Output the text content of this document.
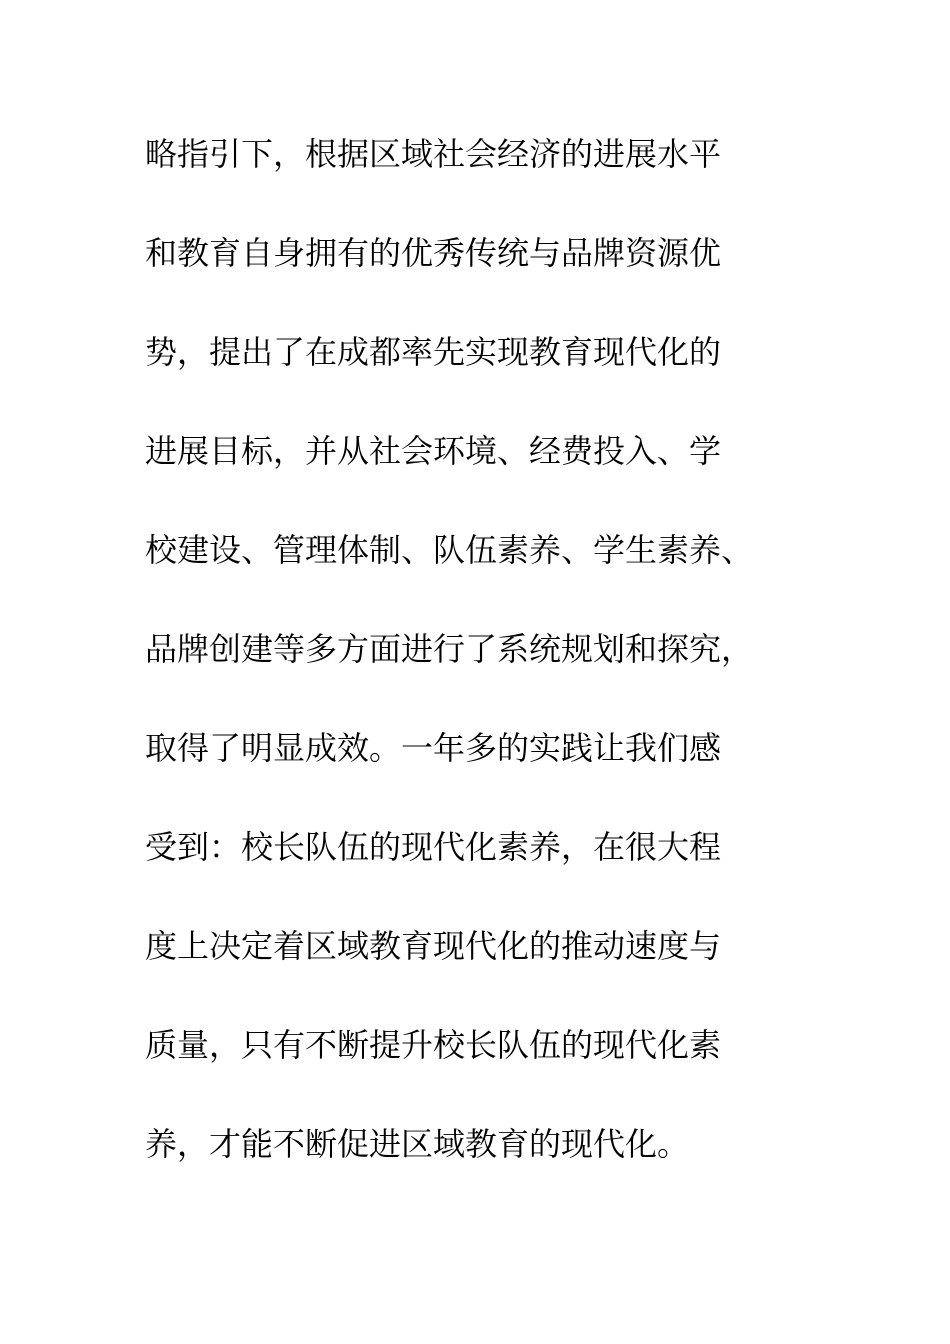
略指引下，根据区域社会经济的进展水平
和教育自身拥有的优秀传统与品牌资源优
势，提出了在成都率先实现教育现代化的
进展目标，并从社会环境、经费投入、学
校建设、管理体制、队伍素养、学生素养、
品牌创建等多方面进行了系统规划和探究，
取得了明显成效。一年多的实践让我们感
受到：校长队伍的现代化素养，在很大程
度上决定着区域教育现代化的推动速度与
质量，只有不断提升校长队伍的现代化素
养，才能不断促进区域教育的现代化。
